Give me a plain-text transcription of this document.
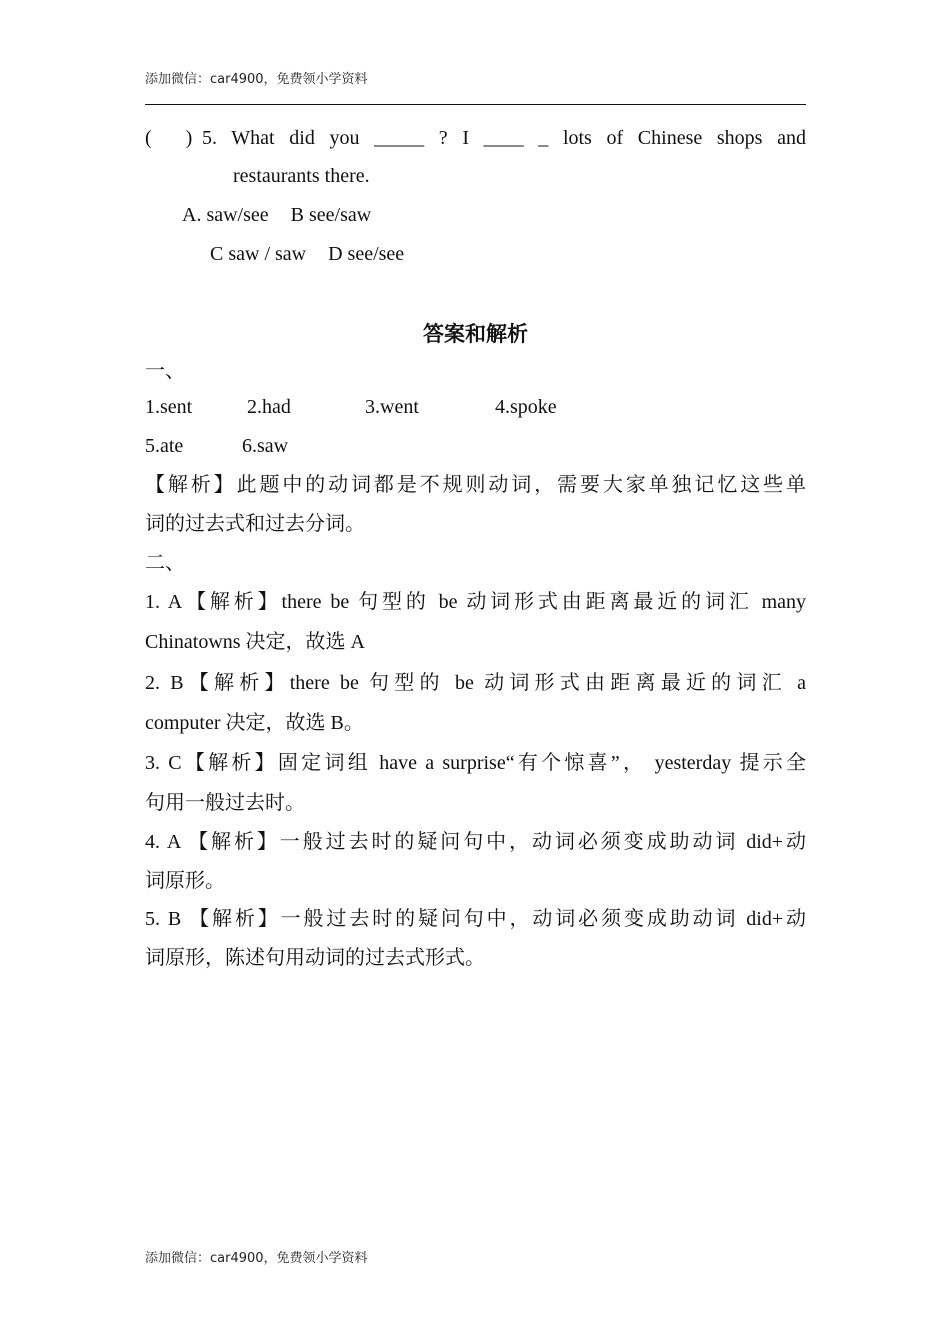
添加微信：car4900，免费领小学资料
( ) 5. What did you _____ ? I ____ _ lots of Chinese shops and
restaurants there.
A. saw/see B see/saw
C saw / saw D see/see
答案和解析
一、
1.sent	2.had	3.went	4.spoke
5.ate	6.saw
【解析】此题中的动词都是不规则动词，需要大家单独记忆这些单
词的过去式和过去分词。
二、
1. A【解析】there be 句型的 be 动词形式由距离最近的词汇 many
Chinatowns 决定，故选 A
2. B【解析】there be 句型的 be 动词形式由距离最近的词汇 a
computer 决定，故选 B。
3. C【解析】固定词组 have a surprise“有个惊喜”， yesterday 提示全
句用一般过去时。
4. A 【解析】一般过去时的疑问句中，动词必须变成助动词 did+动
词原形。
5. B 【解析】一般过去时的疑问句中，动词必须变成助动词 did+动
词原形，陈述句用动词的过去式形式。
添加微信：car4900，免费领小学资料
